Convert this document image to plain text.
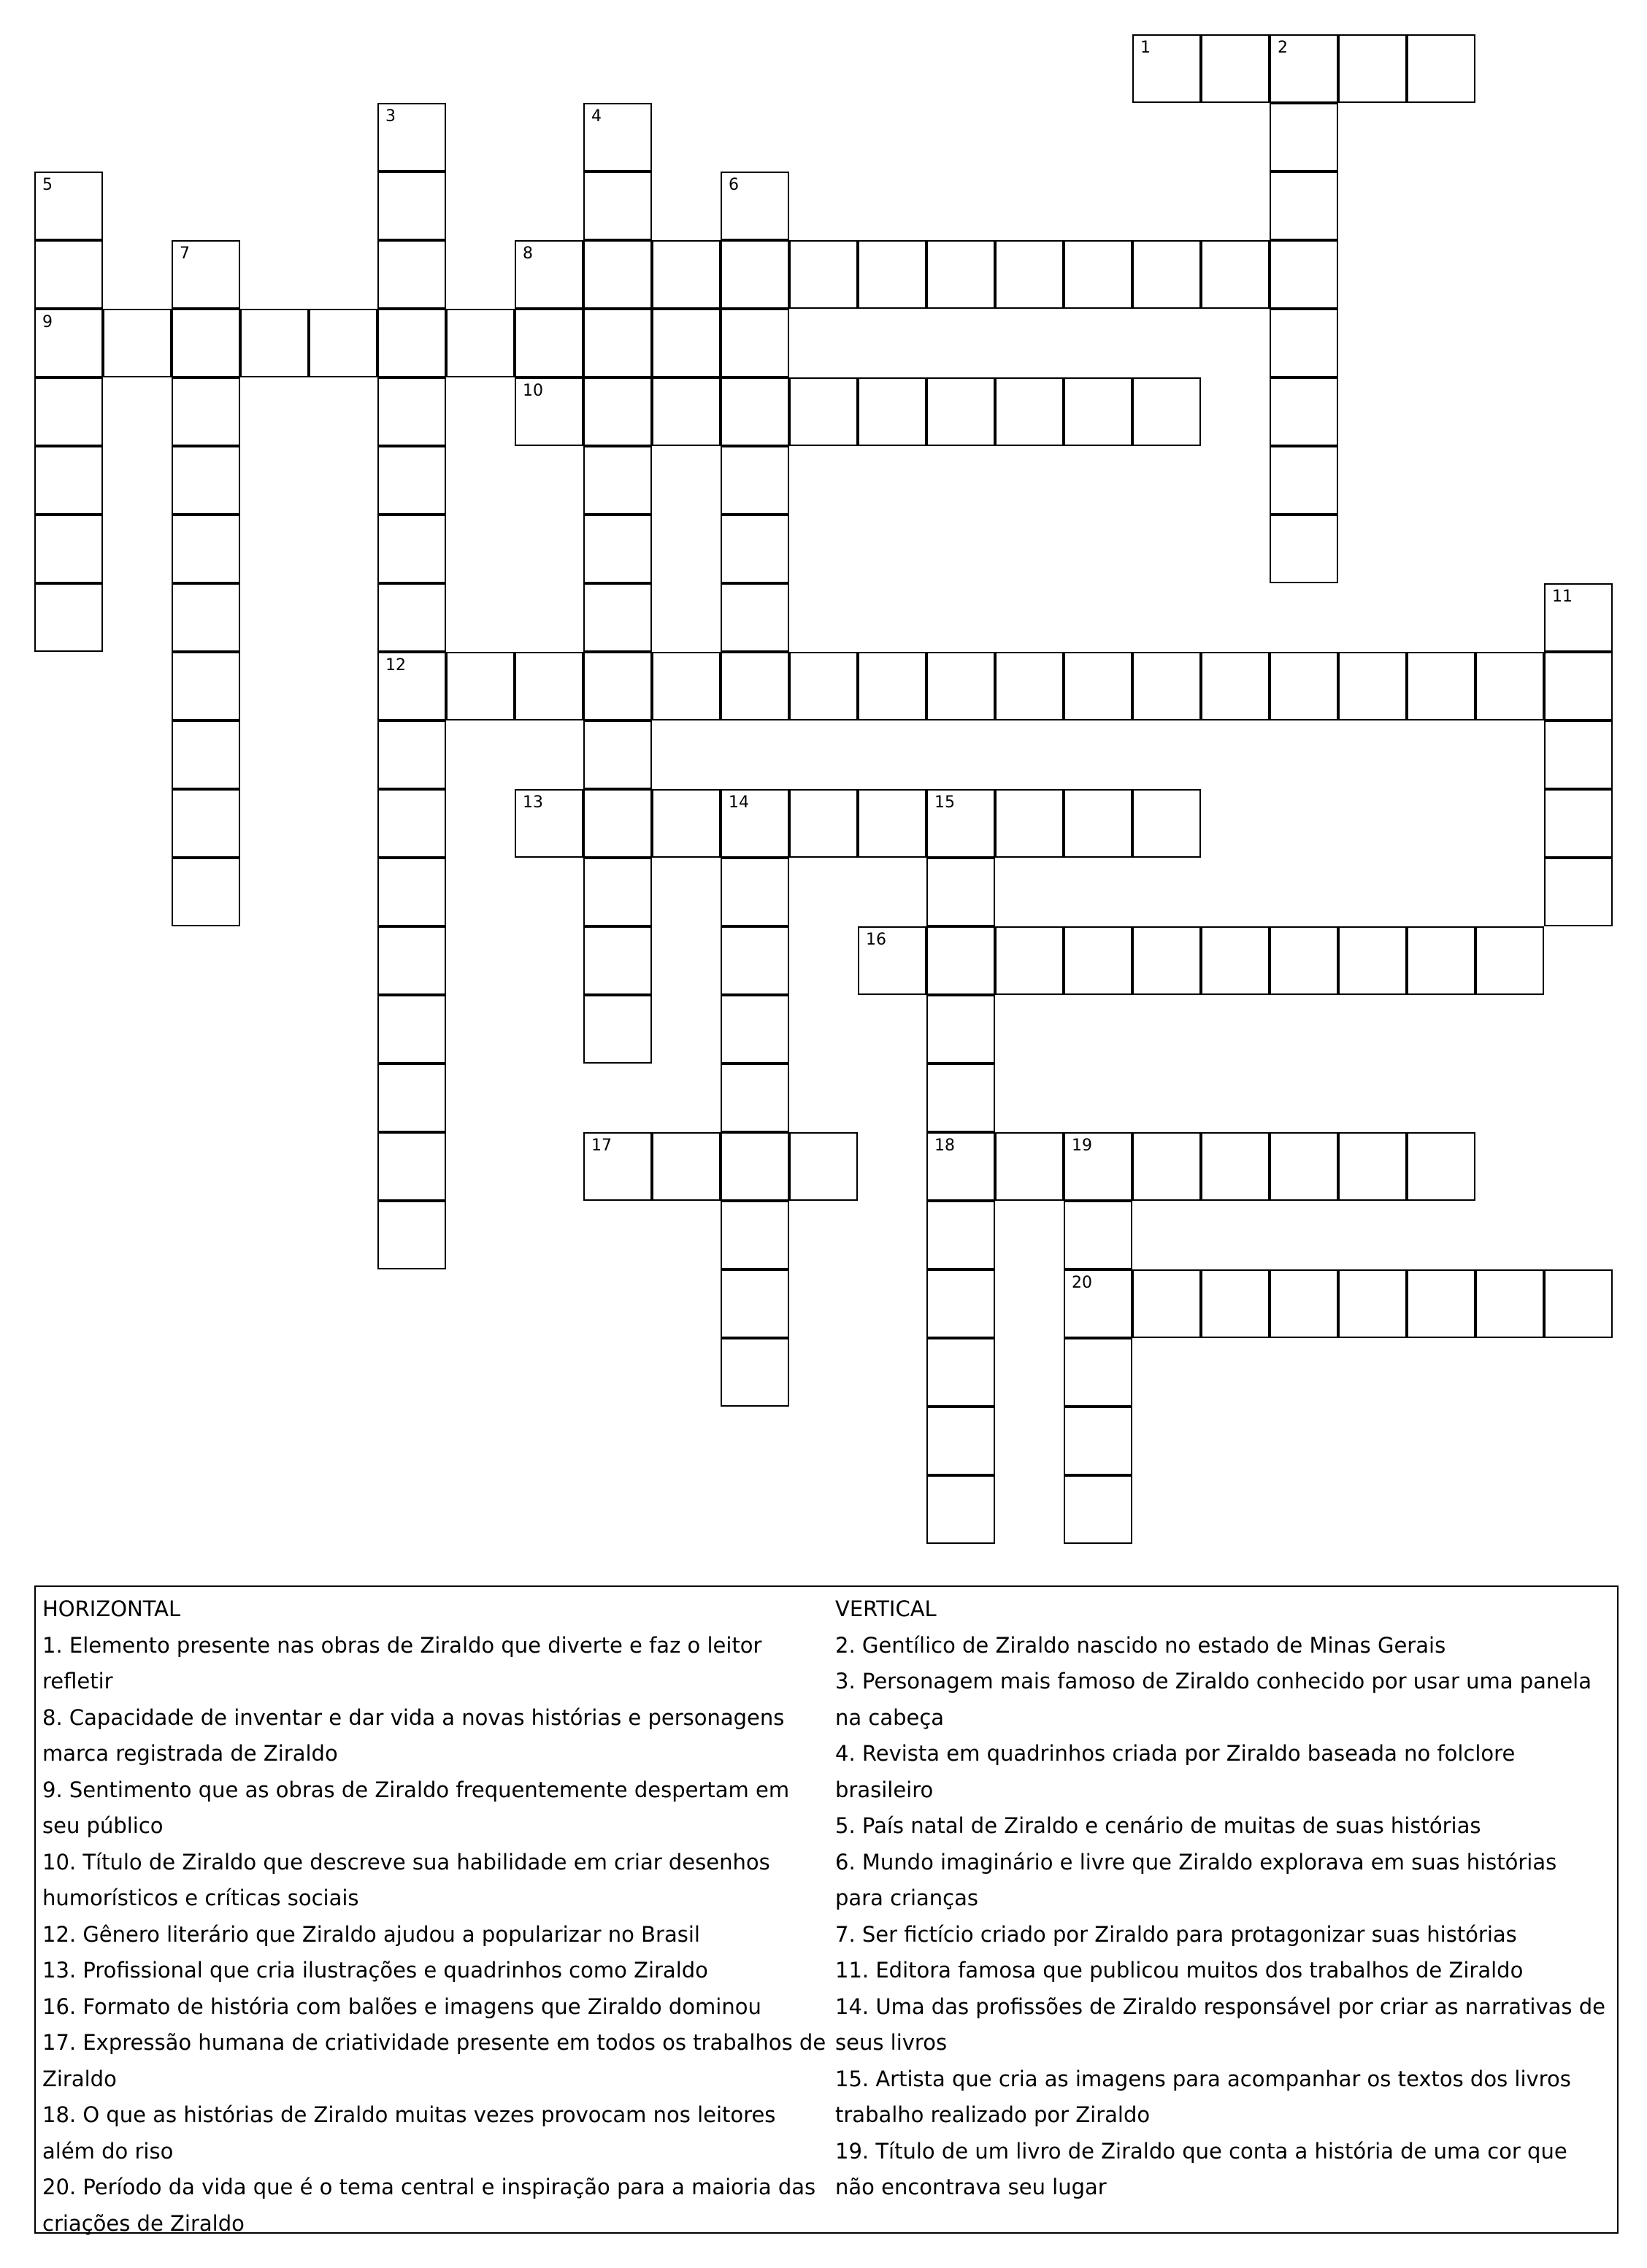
1	2
3
12
4
5
9
6
7	8
10
11
13	14	15
18
16
17	19
20
HORIZONTAL
1. Elemento presente nas obras de Ziraldo que diverte e faz o leitor refletir
8. Capacidade de inventar e dar vida a novas histórias e personagens marca registrada de Ziraldo
9. Sentimento que as obras de Ziraldo frequentemente despertam em seu público
10. Título de Ziraldo que descreve sua habilidade em criar desenhos humorísticos e críticas sociais
12. Gênero literário que Ziraldo ajudou a popularizar no Brasil
13. Profissional que cria ilustrações e quadrinhos como Ziraldo
16. Formato de história com balões e imagens que Ziraldo dominou
17. Expressão humana de criatividade presente em todos os trabalhos de Ziraldo
18. O que as histórias de Ziraldo muitas vezes provocam nos leitores além do riso
20. Período da vida que é o tema central e inspiração para a maioria das criações de Ziraldo
VERTICAL
2. Gentílico de Ziraldo nascido no estado de Minas Gerais
3. Personagem mais famoso de Ziraldo conhecido por usar uma panela na cabeça
4. Revista em quadrinhos criada por Ziraldo baseada no folclore brasileiro
5. País natal de Ziraldo e cenário de muitas de suas histórias
6. Mundo imaginário e livre que Ziraldo explorava em suas histórias para crianças
7. Ser fictício criado por Ziraldo para protagonizar suas histórias
11. Editora famosa que publicou muitos dos trabalhos de Ziraldo
14. Uma das profissões de Ziraldo responsável por criar as narrativas de seus livros
15. Artista que cria as imagens para acompanhar os textos dos livros trabalho realizado por Ziraldo
19. Título de um livro de Ziraldo que conta a história de uma cor que não encontrava seu lugar
